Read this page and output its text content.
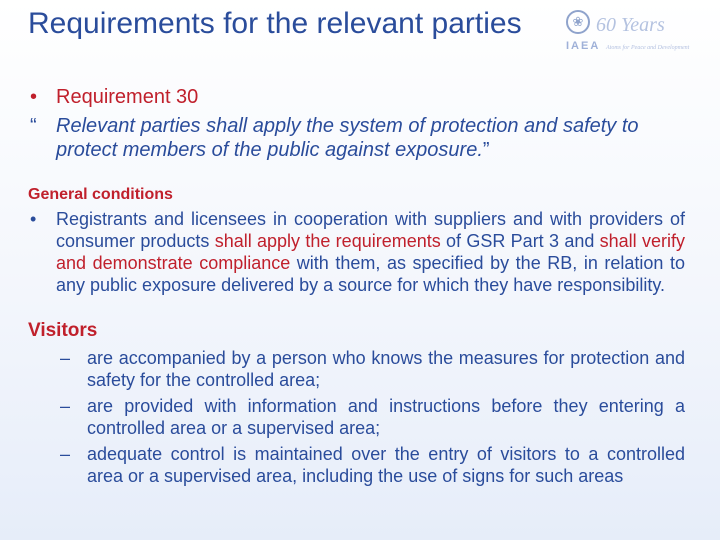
Requirements for the relevant parties	❀ 60 Years
IAEA Atoms for Peace and Development
• Requirement 30
“ Relevant parties shall apply the system of protection and safety to protect members of the public against exposure.”
General conditions
• Registrants and licensees in cooperation with suppliers and with providers of consumer products shall apply the requirements of GSR Part 3 and shall verify and demonstrate compliance with them, as specified by the RB, in relation to any public exposure delivered by a source for which they have responsibility.
Visitors
– are accompanied by a person who knows the measures for protection and safety for the controlled area;
– are provided with information and instructions before they entering a controlled area or a supervised area;
– adequate control is maintained over the entry of visitors to a controlled area or a supervised area, including the use of signs for such areas
